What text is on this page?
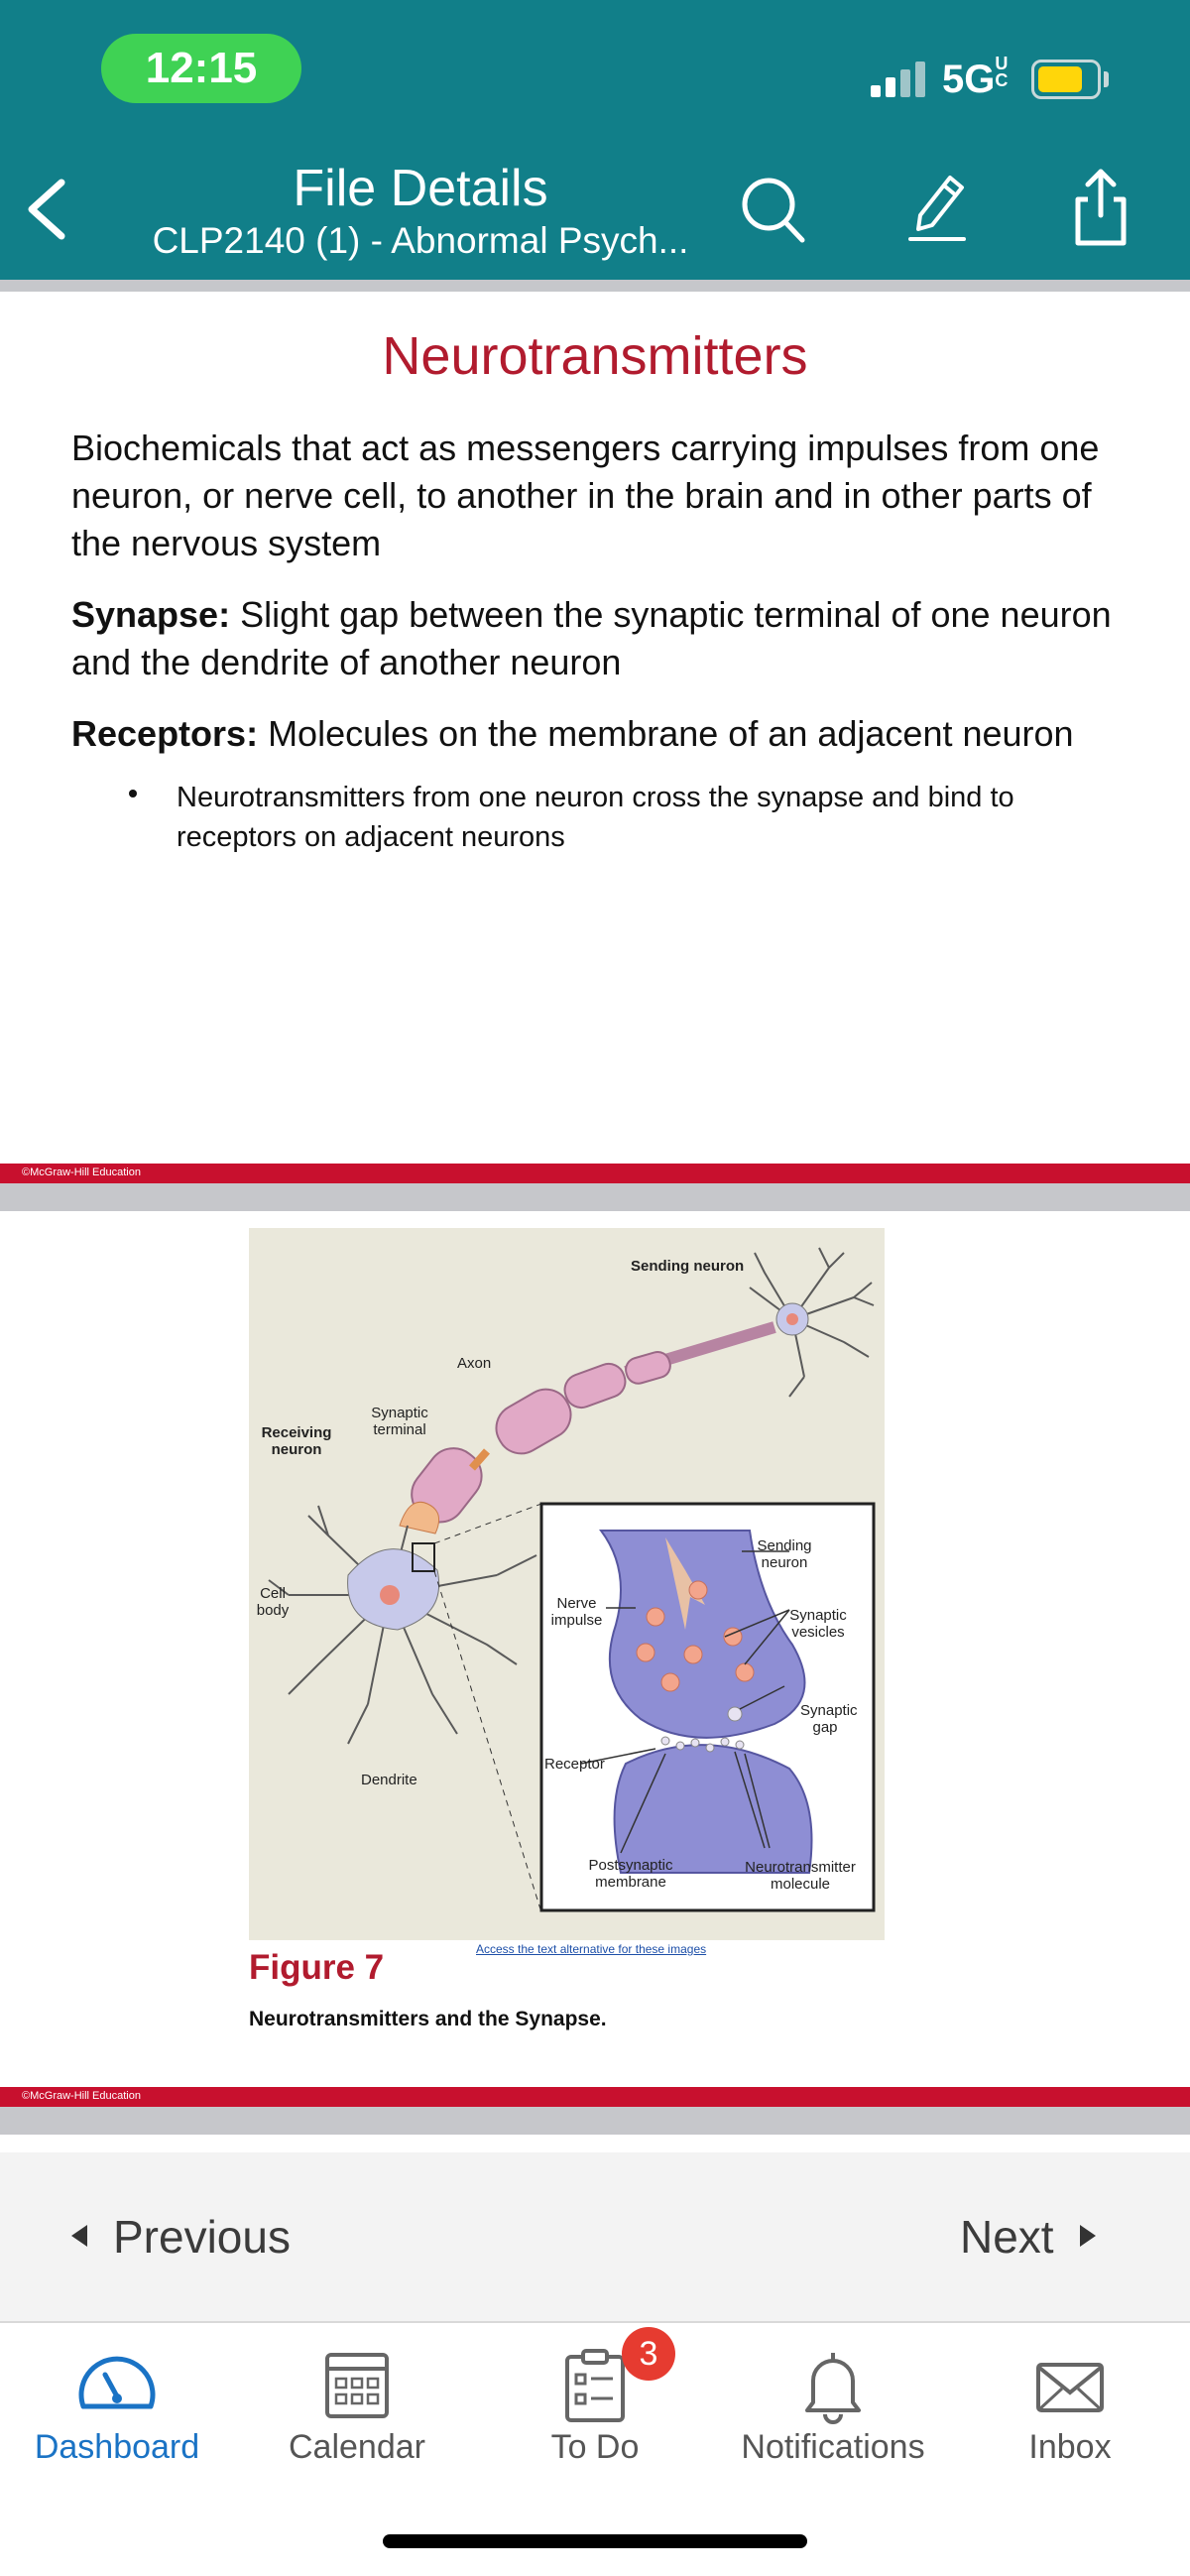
12:15	5GUC
File Details
CLP2140 (1) - Abnormal Psych...
Neurotransmitters
Biochemicals that act as messengers carrying impulses from one neuron, or nerve cell, to another in the brain and in other parts of the nervous system
Synapse: Slight gap between the synaptic terminal of one neuron and the dendrite of another neuron
Receptors: Molecules on the membrane of an adjacent neuron
Neurotransmitters from one neuron cross the synapse and bind to receptors on adjacent neurons
©McGraw-Hill Education
Sending neuron
Axon
Synaptic terminal
Receiving neuron
Cell body
Dendrite
Sending neuron
Nerve impulse	Synaptic vesicles
Synaptic gap
Receptor
Postsynaptic membrane
Neurotransmitter molecule
Access the text alternative for these images
Figure 7
Neurotransmitters and the Synapse.
©McGraw-Hill Education
Previous	Next
Dashboard	Calendar	To Do
3
Notifications	Inbox
